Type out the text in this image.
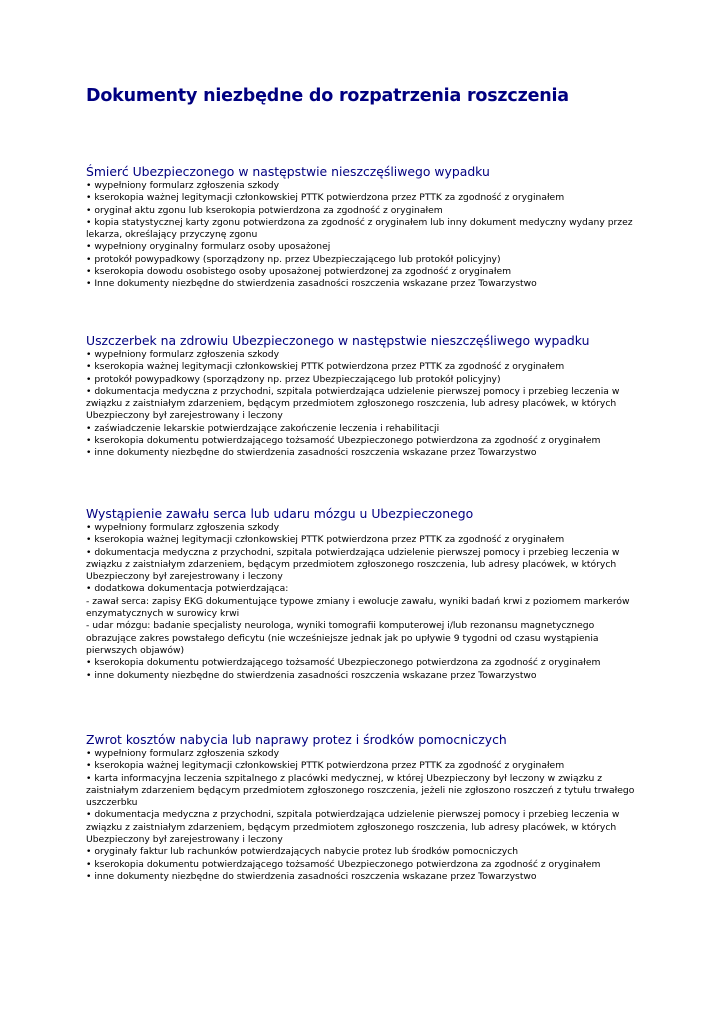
Dokumenty niezbędne do rozpatrzenia roszczenia
Śmierć Ubezpieczonego w następstwie nieszczęśliwego wypadku
• wypełniony formularz zgłoszenia szkody
• kserokopia ważnej legitymacji członkowskiej PTTK potwierdzona przez PTTK za zgodność z oryginałem
• oryginał aktu zgonu lub kserokopia potwierdzona za zgodność z oryginałem
• kopia statystycznej karty zgonu potwierdzona za zgodność z oryginałem lub inny dokument medyczny wydany przez lekarza, określający przyczynę zgonu
• wypełniony oryginalny formularz osoby uposażonej
• protokół powypadkowy (sporządzony np. przez Ubezpieczającego lub protokół policyjny)
• kserokopia dowodu osobistego osoby uposażonej potwierdzonej za zgodność z oryginałem
• Inne dokumenty niezbędne do stwierdzenia zasadności roszczenia wskazane przez Towarzystwo
Uszczerbek na zdrowiu Ubezpieczonego w następstwie nieszczęśliwego wypadku
• wypełniony formularz zgłoszenia szkody
• kserokopia ważnej legitymacji członkowskiej PTTK potwierdzona przez PTTK za zgodność z oryginałem
• protokół powypadkowy (sporządzony np. przez Ubezpieczającego lub protokół policyjny)
• dokumentacja medyczna z przychodni, szpitala potwierdzająca udzielenie pierwszej pomocy i przebieg leczenia w związku z zaistniałym zdarzeniem, będącym przedmiotem zgłoszonego roszczenia, lub adresy placówek, w których Ubezpieczony był zarejestrowany i leczony
• zaświadczenie lekarskie potwierdzające zakończenie leczenia i rehabilitacji
• kserokopia dokumentu potwierdzającego tożsamość Ubezpieczonego potwierdzona za zgodność z oryginałem
• inne dokumenty niezbędne do stwierdzenia zasadności roszczenia wskazane przez Towarzystwo
Wystąpienie zawału serca lub udaru mózgu u Ubezpieczonego
• wypełniony formularz zgłoszenia szkody
• kserokopia ważnej legitymacji członkowskiej PTTK potwierdzona przez PTTK za zgodność z oryginałem
• dokumentacja medyczna z przychodni, szpitala potwierdzająca udzielenie pierwszej pomocy i przebieg leczenia w związku z zaistniałym zdarzeniem, będącym przedmiotem zgłoszonego roszczenia, lub adresy placówek, w których Ubezpieczony był zarejestrowany i leczony
• dodatkowa dokumentacja potwierdzająca:
- zawał serca: zapisy EKG dokumentujące typowe zmiany i ewolucje zawału, wyniki badań krwi z poziomem markerów enzymatycznych w surowicy krwi
- udar mózgu: badanie specjalisty neurologa, wyniki tomografii komputerowej i/lub rezonansu magnetycznego obrazujące zakres powstałego deficytu (nie wcześniejsze jednak jak po upływie 9 tygodni od czasu wystąpienia pierwszych objawów)
• kserokopia dokumentu potwierdzającego tożsamość Ubezpieczonego potwierdzona za zgodność z oryginałem
• inne dokumenty niezbędne do stwierdzenia zasadności roszczenia wskazane przez Towarzystwo
Zwrot kosztów nabycia lub naprawy protez i środków pomocniczych
• wypełniony formularz zgłoszenia szkody
• kserokopia ważnej legitymacji członkowskiej PTTK potwierdzona przez PTTK za zgodność z oryginałem
• karta informacyjna leczenia szpitalnego z placówki medycznej, w której Ubezpieczony był leczony w związku z zaistniałym zdarzeniem będącym przedmiotem zgłoszonego roszczenia, jeżeli nie zgłoszono roszczeń z tytułu trwałego uszczerbku
• dokumentacja medyczna z przychodni, szpitala potwierdzająca udzielenie pierwszej pomocy i przebieg leczenia w związku z zaistniałym zdarzeniem, będącym przedmiotem zgłoszonego roszczenia, lub adresy placówek, w których Ubezpieczony był zarejestrowany i leczony
• oryginały faktur lub rachunków potwierdzających nabycie protez lub środków pomocniczych
• kserokopia dokumentu potwierdzającego tożsamość Ubezpieczonego potwierdzona za zgodność z oryginałem
• inne dokumenty niezbędne do stwierdzenia zasadności roszczenia wskazane przez Towarzystwo
